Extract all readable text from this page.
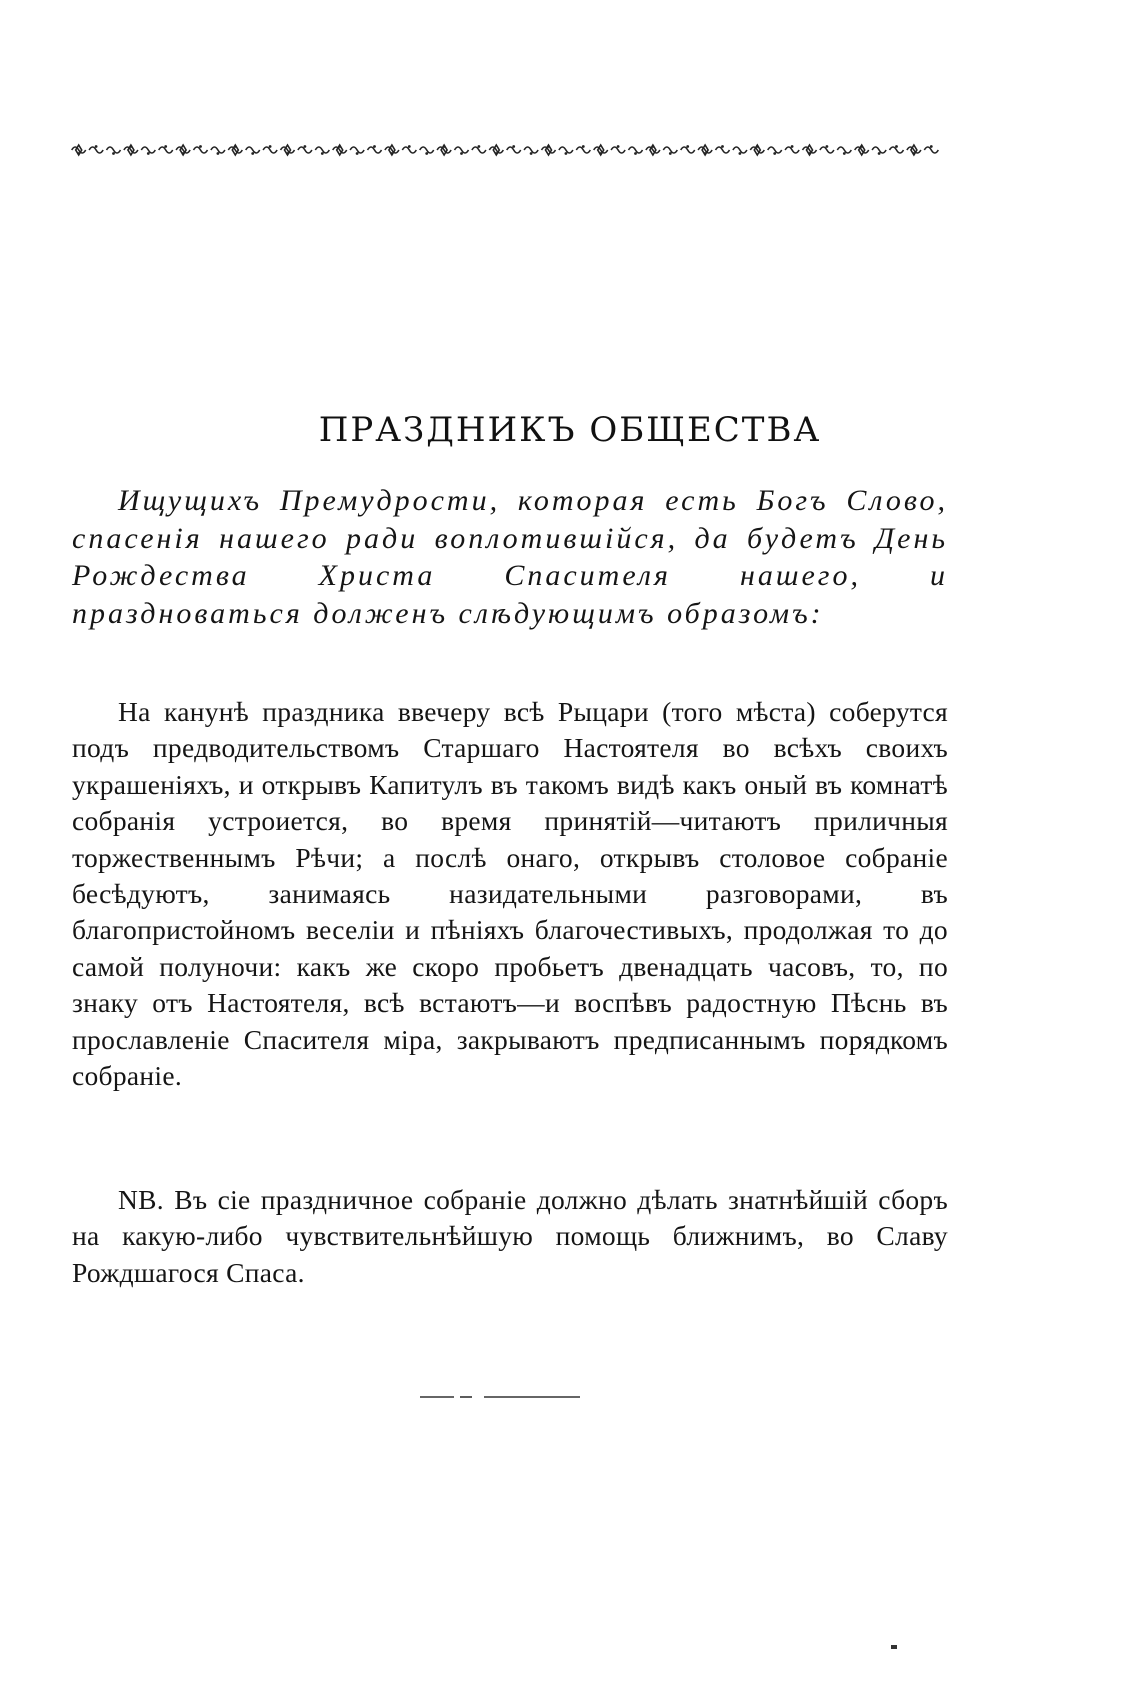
ПРАЗДНИКЪ ОБЩЕСТВА

Ищущихъ Премудрости, которая есть Богъ Слово, спасенія нашего ради воплотившійся, да будетъ День Рождества Христа Спасителя нашего, и праздноваться долженъ слѣдующимъ образомъ:

На канунѣ праздника ввечеру всѣ Рыцари (того мѣста) соберутся подъ предводительствомъ Старшаго Настоятеля во всѣхъ своихъ украшеніяхъ, и открывъ Капитулъ въ такомъ видѣ какъ оный въ комнатѣ собранія устроиется, во время принятій—читаютъ приличныя торжественнымъ Рѣчи; а послѣ онаго, открывъ столовое собраніе бесѣдуютъ, занимаясь назидательными разговорами, въ благопристойномъ веселіи и пѣніяхъ благочестивыхъ, продолжая то до самой полуночи: какъ же скоро пробьетъ двенадцать часовъ, то, по знаку отъ Настоятеля, всѣ встаютъ—и воспѣвъ радостную Пѣснь въ прославленіе Спасителя міра, закрываютъ предписаннымъ порядкомъ собраніе.

NB. Въ сіе праздничное собраніе должно дѣлать знатнѣйшій сборъ на какую-либо чувствительнѣйшую помощь ближнимъ, во Славу Рождшагося Спаса.
